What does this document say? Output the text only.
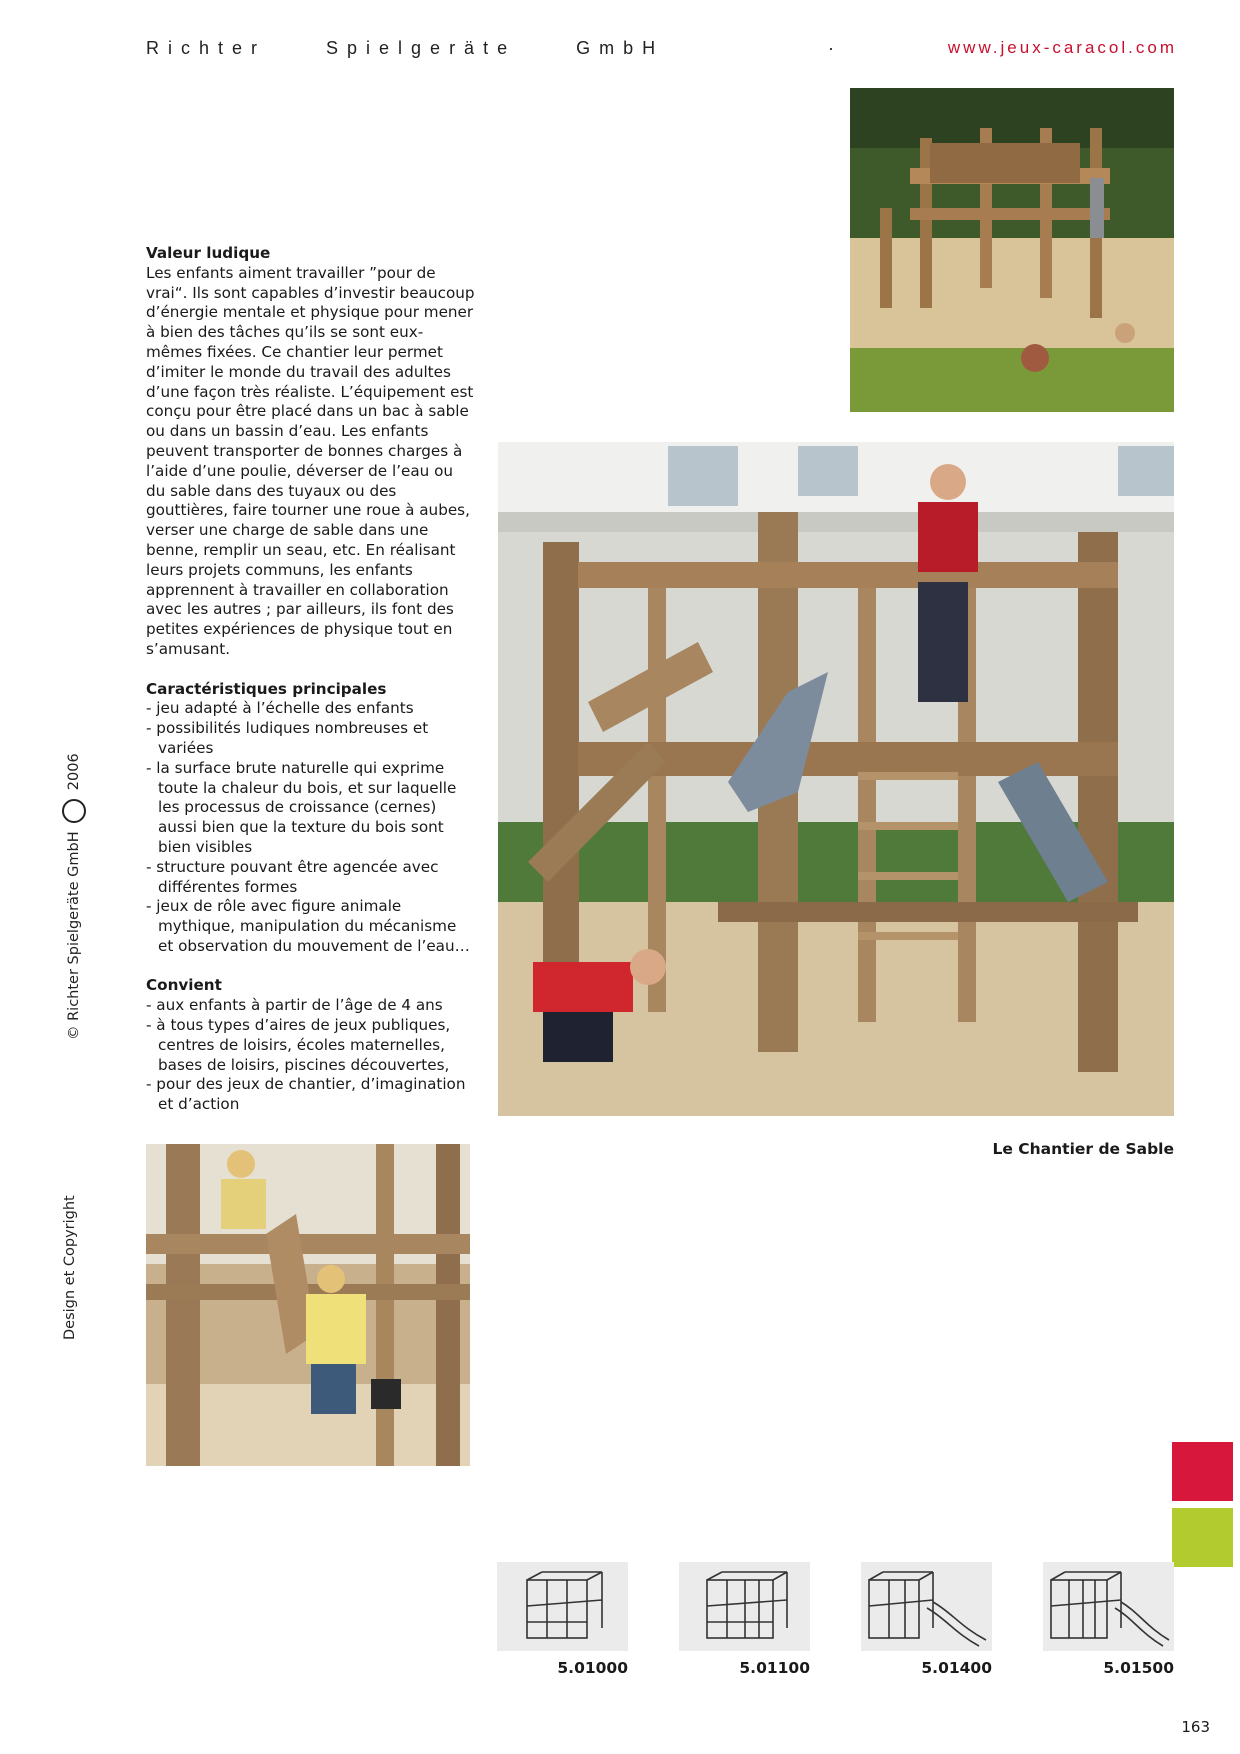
Richter	Spielgeräte	GmbH	·	www.jeux-caracol.com
Valeur ludique

Les enfants aiment travailler ”pour de vrai“. Ils sont capables d’investir beaucoup d’énergie mentale et physique pour mener à bien des tâches qu’ils se sont eux-mêmes fixées. Ce chantier leur permet d’imiter le monde du travail des adultes d’une façon très réaliste. L’équipement est conçu pour être placé dans un bac à sable ou dans un bassin d’eau. Les enfants peuvent transporter de bonnes charges à l’aide d’une poulie, déverser de l’eau ou du sable dans des tuyaux ou des gouttières, faire tourner une roue à aubes, verser une charge de sable dans une benne, remplir un seau, etc. En réalisant leurs projets communs, les enfants apprennent à travailler en collaboration avec les autres ; par ailleurs, ils font des petites expériences de physique tout en s’amusant.

Caractéristiques principales
- jeu adapté à l’échelle des enfants
- possibilités ludiques nombreuses et variées
- la surface brute naturelle qui exprime toute la chaleur du bois, et sur laquelle les processus de croissance (cernes) aussi bien que la texture du bois sont bien visibles
- structure pouvant être agencée avec différentes formes
- jeux de rôle avec figure animale mythique, manipulation du mécanisme et observation du mouvement de l’eau…
Convient
- aux enfants à partir de l’âge de 4 ans
- à tous types d’aires de jeux publiques, centres de loisirs, écoles maternelles, bases de loisirs, piscines découvertes,
- pour des jeux de chantier, d’imagination et d’action
Le Chantier de Sable
© Richter Spielgeräte GmbH  2006
Design et Copyright
5.01000	5.01100	5.01400	5.01500
163
